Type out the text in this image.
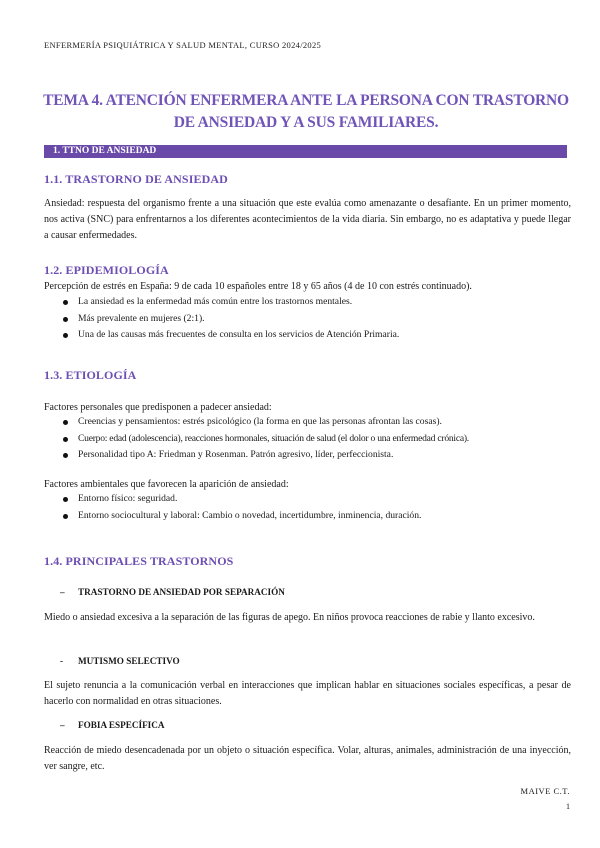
ENFERMERÍA PSIQUIÁTRICA Y SALUD MENTAL, CURSO 2024/2025
TEMA 4. ATENCIÓN ENFERMERA ANTE LA PERSONA CON TRASTORNO
DE ANSIEDAD Y A SUS FAMILIARES.
1. TTNO DE ANSIEDAD
1.1. TRASTORNO DE ANSIEDAD

Ansiedad: respuesta del organismo frente a una situación que este evalúa como amenazante o desafiante. En un primer momento, nos activa (SNC) para enfrentarnos a los diferentes acontecimientos de la vida diaria. Sin embargo, no es adaptativa y puede llegar a causar enfermedades.

1.2. EPIDEMIOLOGÍA

Percepción de estrés en España: 9 de cada 10 españoles entre 18 y 65 años (4 de 10 con estrés continuado).

La ansiedad es la enfermedad más común entre los trastornos mentales.
Más prevalente en mujeres (2:1).
Una de las causas más frecuentes de consulta en los servicios de Atención Primaria.
1.3. ETIOLOGÍA

Factores personales que predisponen a padecer ansiedad:

Creencias y pensamientos: estrés psicológico (la forma en que las personas afrontan las cosas).
Cuerpo: edad (adolescencia), reacciones hormonales, situación de salud (el dolor o una enfermedad crónica).
Personalidad tipo A: Friedman y Rosenman. Patrón agresivo, líder, perfeccionista.

Factores ambientales que favorecen la aparición de ansiedad:

Entorno físico: seguridad.
Entorno sociocultural y laboral: Cambio o novedad, incertidumbre, inminencia, duración.
1.4. PRINCIPALES TRASTORNOS
– TRASTORNO DE ANSIEDAD POR SEPARACIÓN

Miedo o ansiedad excesiva a la separación de las figuras de apego. En niños provoca reacciones de rabie y llanto excesivo.

- MUTISMO SELECTIVO

El sujeto renuncia a la comunicación verbal en interacciones que implican hablar en situaciones sociales específicas, a pesar de hacerlo con normalidad en otras situaciones.

– FOBIA ESPECÍFICA

Reacción de miedo desencadenada por un objeto o situación específica. Volar, alturas, animales, administración de una inyección, ver sangre, etc.

MAIVE C.T.
1
